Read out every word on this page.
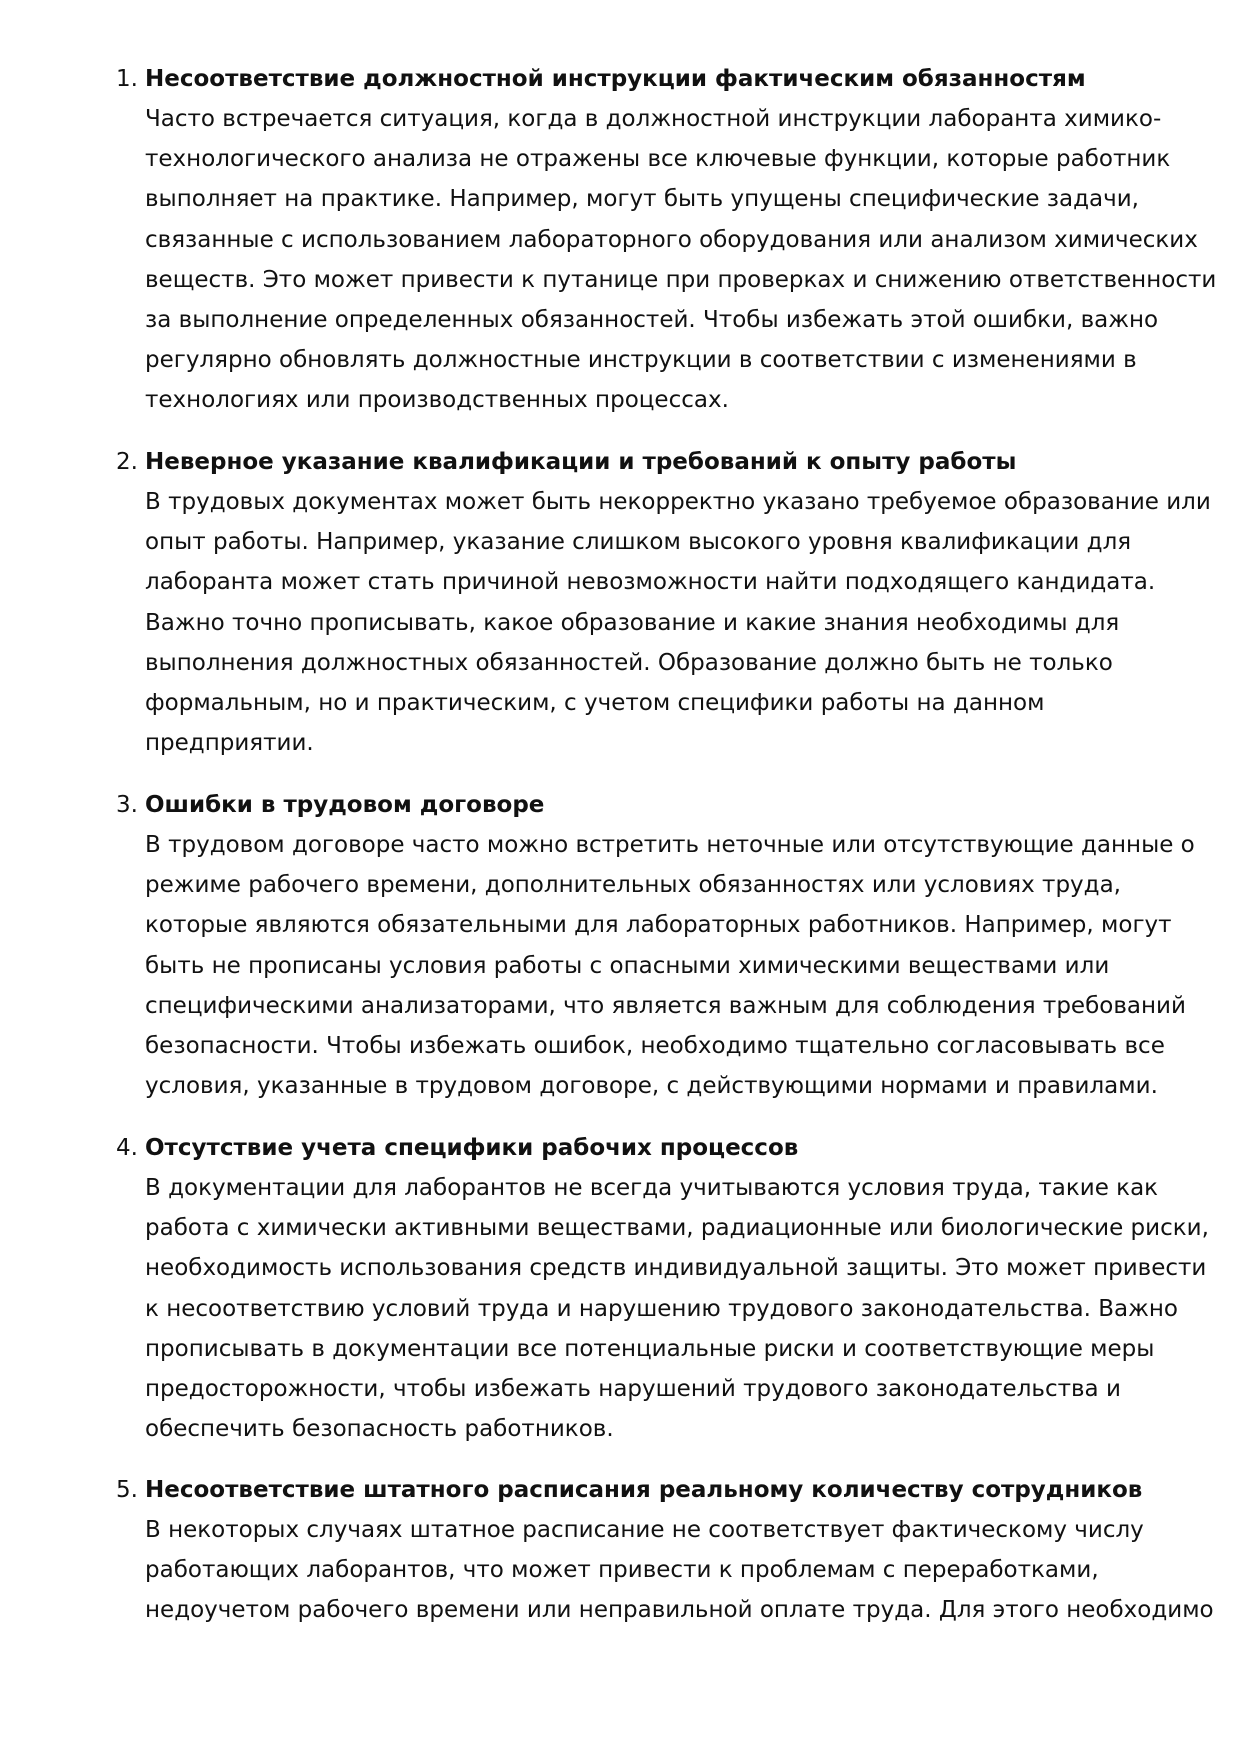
1. Несоответствие должностной инструкции фактическим обязанностям
Часто встречается ситуация, когда в должностной инструкции лаборанта химико-
технологического анализа не отражены все ключевые функции, которые работник
выполняет на практике. Например, могут быть упущены специфические задачи,
связанные с использованием лабораторного оборудования или анализом химических
веществ. Это может привести к путанице при проверках и снижению ответственности
за выполнение определенных обязанностей. Чтобы избежать этой ошибки, важно
регулярно обновлять должностные инструкции в соответствии с изменениями в
технологиях или производственных процессах.
2. Неверное указание квалификации и требований к опыту работы
В трудовых документах может быть некорректно указано требуемое образование или
опыт работы. Например, указание слишком высокого уровня квалификации для
лаборанта может стать причиной невозможности найти подходящего кандидата.
Важно точно прописывать, какое образование и какие знания необходимы для
выполнения должностных обязанностей. Образование должно быть не только
формальным, но и практическим, с учетом специфики работы на данном
предприятии.
3. Ошибки в трудовом договоре
В трудовом договоре часто можно встретить неточные или отсутствующие данные о
режиме рабочего времени, дополнительных обязанностях или условиях труда,
которые являются обязательными для лабораторных работников. Например, могут
быть не прописаны условия работы с опасными химическими веществами или
специфическими анализаторами, что является важным для соблюдения требований
безопасности. Чтобы избежать ошибок, необходимо тщательно согласовывать все
условия, указанные в трудовом договоре, с действующими нормами и правилами.
4. Отсутствие учета специфики рабочих процессов
В документации для лаборантов не всегда учитываются условия труда, такие как
работа с химически активными веществами, радиационные или биологические риски,
необходимость использования средств индивидуальной защиты. Это может привести
к несоответствию условий труда и нарушению трудового законодательства. Важно
прописывать в документации все потенциальные риски и соответствующие меры
предосторожности, чтобы избежать нарушений трудового законодательства и
обеспечить безопасность работников.
5. Несоответствие штатного расписания реальному количеству сотрудников
В некоторых случаях штатное расписание не соответствует фактическому числу
работающих лаборантов, что может привести к проблемам с переработками,
недоучетом рабочего времени или неправильной оплате труда. Для этого необходимо
